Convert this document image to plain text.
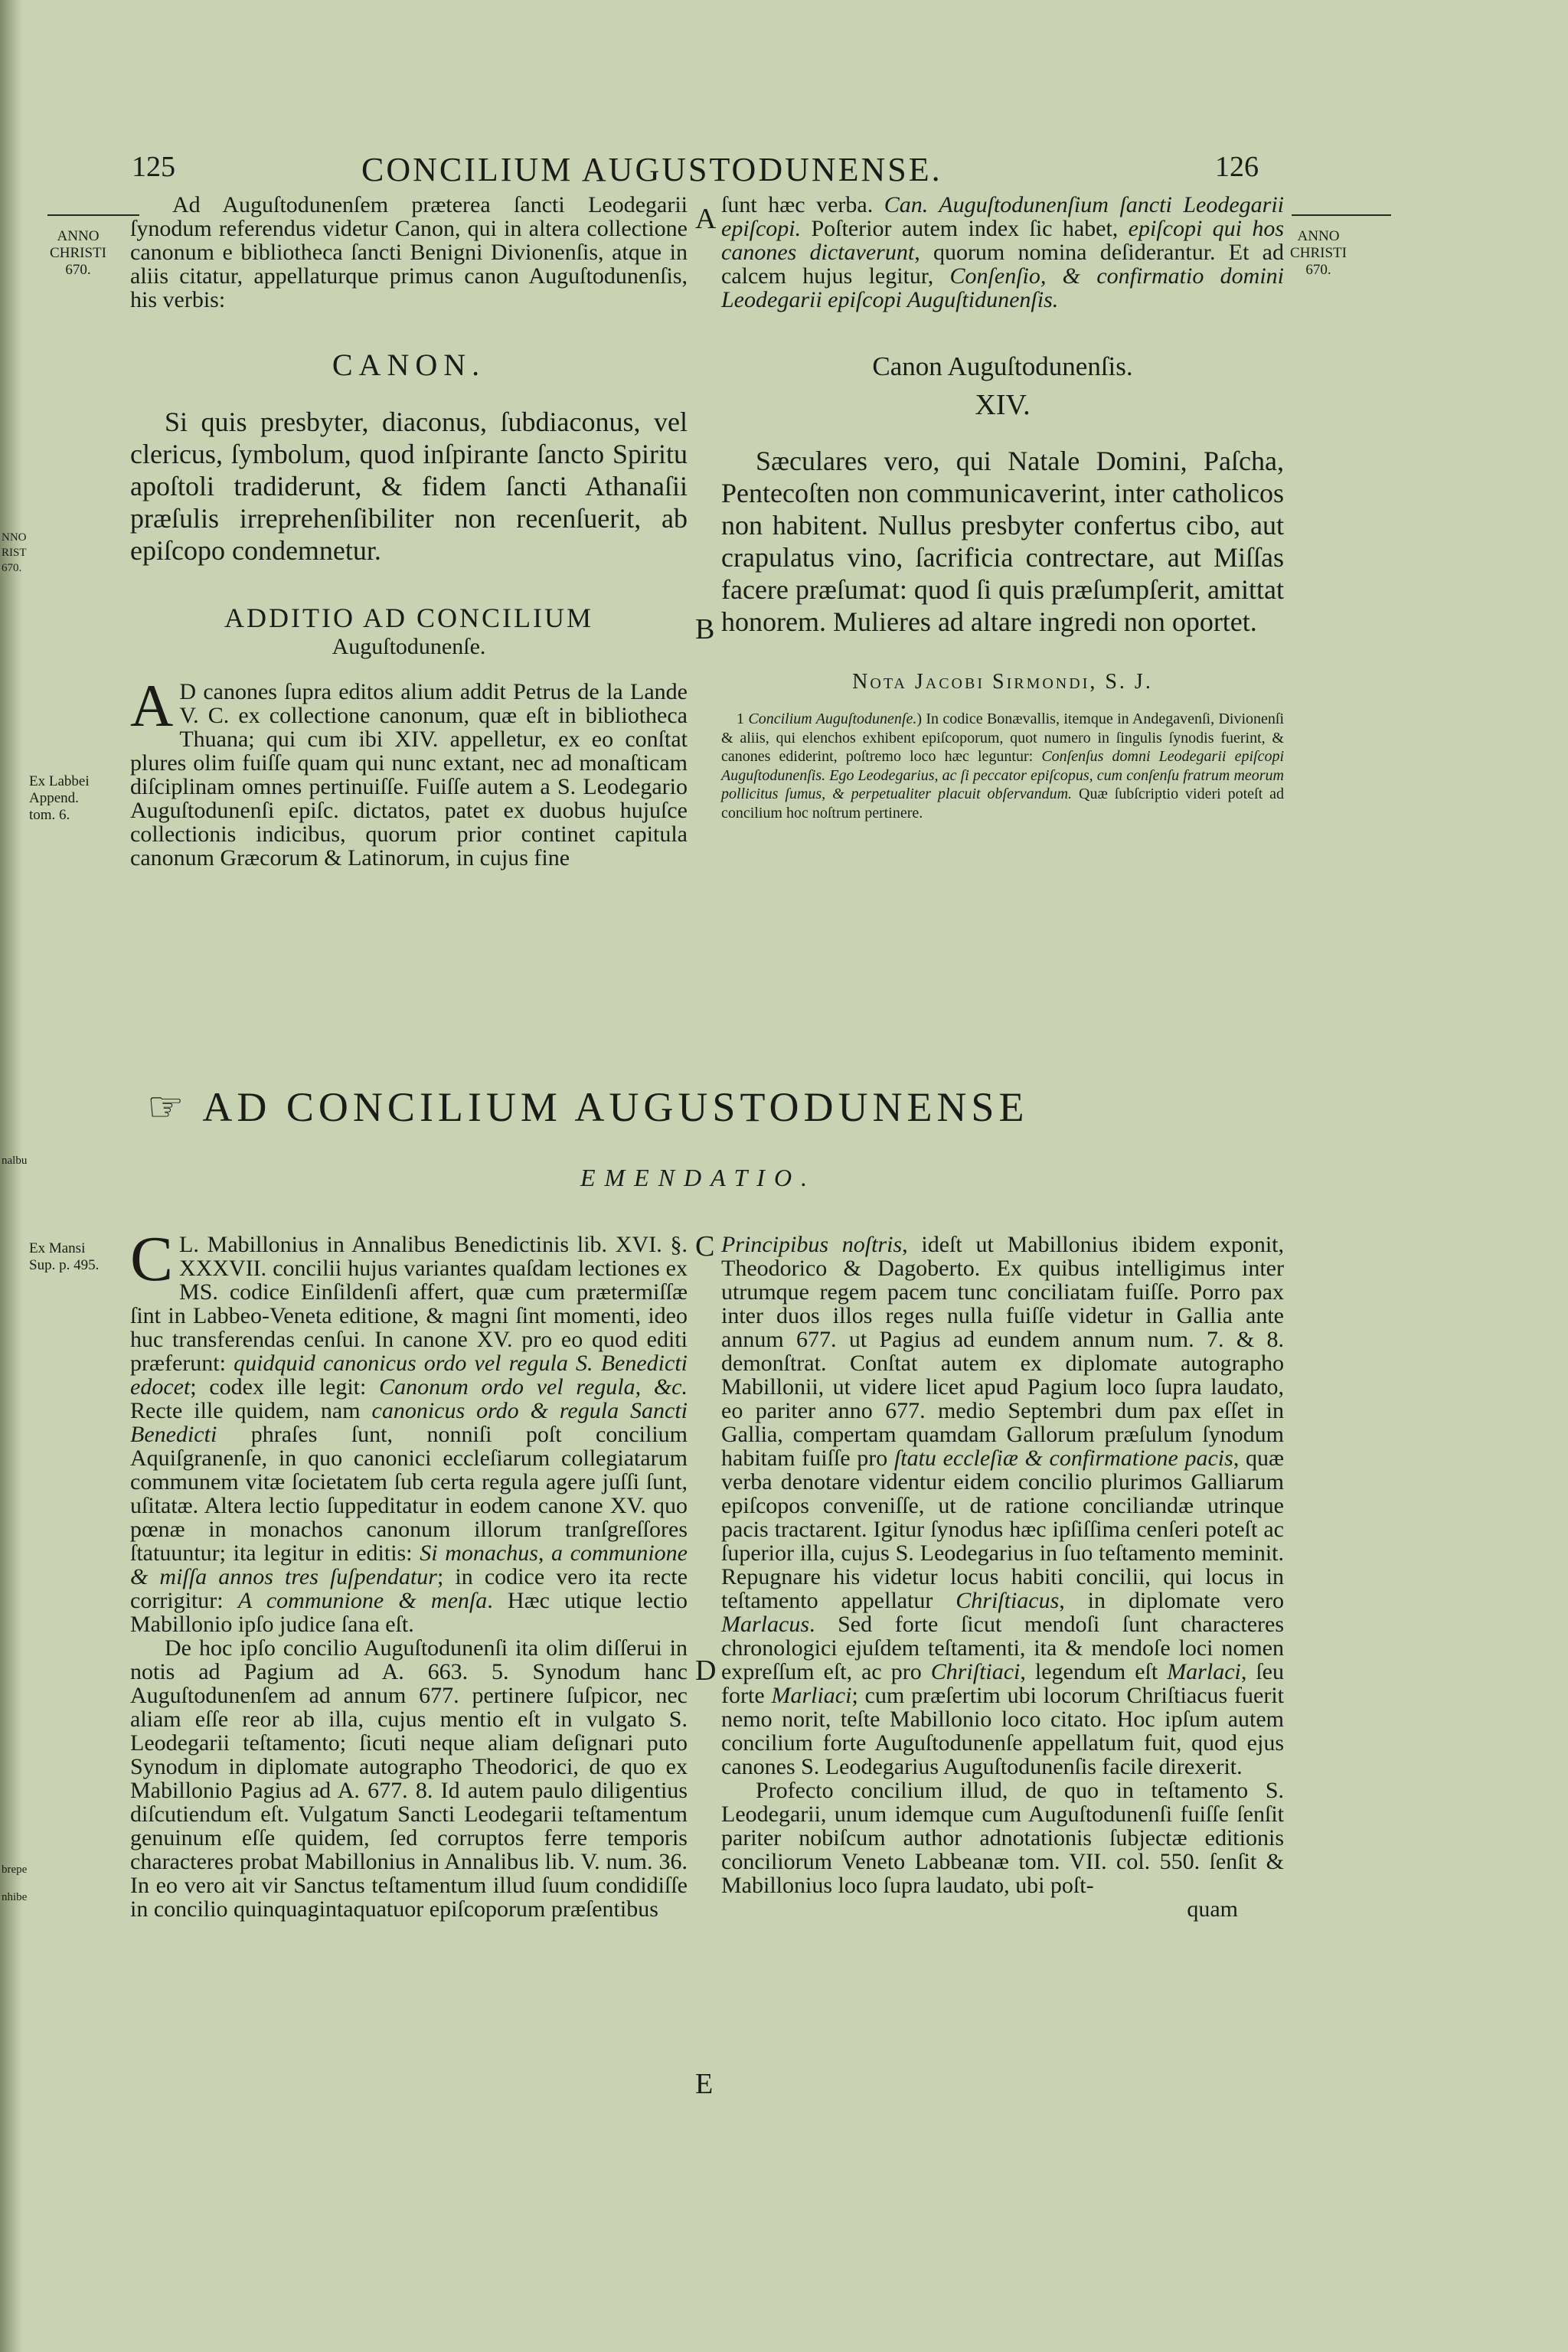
125	CONCILIUM AUGUSTODUNENSE.	126
ANNO
CHRISTI
670.
ANNO
CHRISTI
670.
Ex Labbei
Append.
tom. 6.
Ex Mansi
Sup. p. 495.
NNO
RIST
670.
nalbu
brepe
nhibe
A
B
C
D
E

Ad Auguſtodunenſem præterea ſancti Leodegarii ſynodum referendus videtur Canon, qui in altera collectione canonum e bibliotheca ſancti Benigni Divionenſis, atque in aliis citatur, appellaturque primus canon Auguſtodunenſis, his verbis:

CANON.

Si quis presbyter, diaconus, ſubdiaconus, vel clericus, ſymbolum, quod inſpirante ſancto Spiritu apoſtoli tradiderunt, & fidem ſancti Athanaſii præſulis irreprehenſibiliter non recenſuerit, ab epiſcopo condemnetur.

ADDITIO AD CONCILIUM
Auguſtodunenſe.

A D canones ſupra editos alium addit Petrus de la Lande V. C. ex collectione canonum, quæ eſt in bibliotheca Thuana; qui cum ibi XIV. appelletur, ex eo conſtat plures olim fuiſſe quam qui nunc extant, nec ad monaſticam diſciplinam omnes pertinuiſſe. Fuiſſe autem a S. Leodegario Auguſtodunenſi epiſc. dictatos, patet ex duobus hujuſce collectionis indicibus, quorum prior continet capitula canonum Græcorum & Latinorum, in cujus fine

ſunt hæc verba. Can. Auguſtodunenſium ſancti Leodegarii epiſcopi. Poſterior autem index ſic habet, epiſcopi qui hos canones dictaverunt, quorum nomina deſiderantur. Et ad calcem hujus legitur, Conſenſio, & confirmatio domini Leodegarii epiſcopi Auguſtidunenſis.

Canon Auguſtodunenſis.
XIV.

Sæculares vero, qui Natale Domini, Paſcha, Pentecoſten non communicaverint, inter catholicos non habitent. Nullus presbyter confertus cibo, aut crapulatus vino, ſacrificia contrectare, aut Miſſas facere præſumat: quod ſi quis præſumpſerit, amittat honorem. Mulieres ad altare ingredi non oportet.

Nota Jacobi Sirmondi, S. J.

1 Concilium Auguſtodunenſe.) In codice Bonævallis, itemque in Andegavenſi, Divionenſi & aliis, qui elenchos exhibent epiſcoporum, quot numero in ſingulis ſynodis fuerint, & canones ediderint, poſtremo loco hæc leguntur: Conſenſus domni Leodegarii epiſcopi Auguſtodunenſis. Ego Leodegarius, ac ſi peccator epiſcopus, cum conſenſu fratrum meorum pollicitus ſumus, & perpetualiter placuit obſervandum. Quæ ſubſcriptio videri poteſt ad concilium hoc noſtrum pertinere.

☞ AD CONCILIUM AUGUSTODUNENSE
EMENDATIO.

C L. Mabillonius in Annalibus Benedictinis lib. XVI. §. XXXVII. concilii hujus variantes quaſdam lectiones ex MS. codice Einſildenſi affert, quæ cum prætermiſſæ ſint in Labbeo-Veneta editione, & magni ſint momenti, ideo huc transferendas cenſui. In canone XV. pro eo quod editi præferunt: quidquid canonicus ordo vel regula S. Benedicti edocet; codex ille legit: Canonum ordo vel regula, &c. Recte ille quidem, nam canonicus ordo & regula Sancti Benedicti phraſes ſunt, nonniſi poſt concilium Aquiſgranenſe, in quo canonici eccleſiarum collegiatarum communem vitæ ſocietatem ſub certa regula agere juſſi ſunt, uſitatæ. Altera lectio ſuppeditatur in eodem canone XV. quo pœnæ in monachos canonum illorum tranſgreſſores ſtatuuntur; ita legitur in editis: Si monachus, a communione & miſſa annos tres ſuſpendatur; in codice vero ita recte corrigitur: A communione & menſa. Hæc utique lectio Mabillonio ipſo judice ſana eſt.

De hoc ipſo concilio Auguſtodunenſi ita olim diſſerui in notis ad Pagium ad A. 663. 5. Synodum hanc Auguſtodunenſem ad annum 677. pertinere ſuſpicor, nec aliam eſſe reor ab illa, cujus mentio eſt in vulgato S. Leodegarii teſtamento; ſicuti neque aliam deſignari puto Synodum in diplomate autographo Theodorici, de quo ex Mabillonio Pagius ad A. 677. 8. Id autem paulo diligentius diſcutiendum eſt. Vulgatum Sancti Leodegarii teſtamentum genuinum eſſe quidem, ſed corruptos ferre temporis characteres probat Mabillonius in Annalibus lib. V. num. 36. In eo vero ait vir Sanctus teſtamentum illud ſuum condidiſſe in concilio quinquagintaquatuor epiſcoporum præſentibus

Principibus noſtris, ideſt ut Mabillonius ibidem exponit, Theodorico & Dagoberto. Ex quibus intelligimus inter utrumque regem pacem tunc conciliatam fuiſſe. Porro pax inter duos illos reges nulla fuiſſe videtur in Gallia ante annum 677. ut Pagius ad eundem annum num. 7. & 8. demonſtrat. Conſtat autem ex diplomate autographo Mabillonii, ut videre licet apud Pagium loco ſupra laudato, eo pariter anno 677. medio Septembri dum pax eſſet in Gallia, compertam quamdam Gallorum præſulum ſynodum habitam fuiſſe pro ſtatu eccleſiæ & confirmatione pacis, quæ verba denotare videntur eidem concilio plurimos Galliarum epiſcopos conveniſſe, ut de ratione conciliandæ utrinque pacis tractarent. Igitur ſynodus hæc ipſiſſima cenſeri poteſt ac ſuperior illa, cujus S. Leodegarius in ſuo teſtamento meminit. Repugnare his videtur locus habiti concilii, qui locus in teſtamento appellatur Chriſtiacus, in diplomate vero Marlacus. Sed forte ſicut mendoſi ſunt characteres chronologici ejuſdem teſtamenti, ita & mendoſe loci nomen expreſſum eſt, ac pro Chriſtiaci, legendum eſt Marlaci, ſeu forte Marliaci; cum præſertim ubi locorum Chriſtiacus fuerit nemo norit, teſte Mabillonio loco citato. Hoc ipſum autem concilium forte Auguſtodunenſe appellatum fuit, quod ejus canones S. Leodegarius Auguſtodunenſis facile direxerit.

Profecto concilium illud, de quo in teſtamento S. Leodegarii, unum idemque cum Auguſtodunenſi fuiſſe ſenſit pariter nobiſcum author adnotationis ſubjectæ editionis conciliorum Veneto Labbeanæ tom. VII. col. 550. ſenſit & Mabillonius loco ſupra laudato, ubi poſt-

quam
